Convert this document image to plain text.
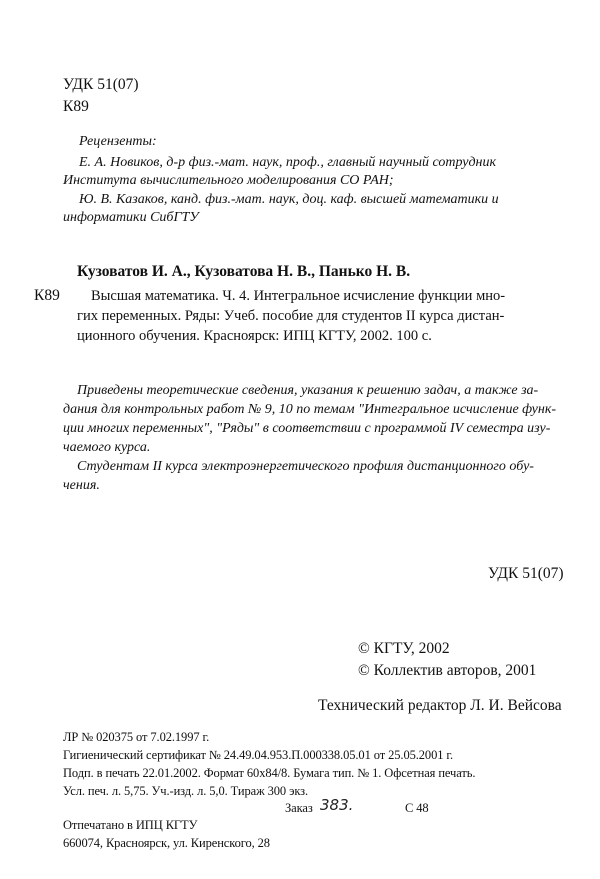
УДК 51(07)
К89
Рецензенты:
Е. А. Новиков, д-р физ.-мат. наук, проф., главный научный сотрудник
Института вычислительного моделирования СО РАН;
Ю. В. Казаков, канд. физ.-мат. наук, доц. каф. высшей математики и
информатики СибГТУ
Кузоватов И. А., Кузоватова Н. В., Панько Н. В.
К89 Высшая математика. Ч. 4. Интегральное исчисление функции мно-
гих переменных. Ряды: Учеб. пособие для студентов II курса дистан-
ционного обучения. Красноярск: ИПЦ КГТУ, 2002. 100 с.
Приведены теоретические сведения, указания к решению задач, а также за-
дания для контрольных работ № 9, 10 по темам "Интегральное исчисление функ-
ции многих переменных", "Ряды" в соответствии с программой IV семестра изу-
чаемого курса.
Студентам II курса электроэнергетического профиля дистанционного обу-
чения.
УДК 51(07)
© КГТУ, 2002
© Коллектив авторов, 2001
Технический редактор Л. И. Вейсова
ЛР № 020375 от 7.02.1997 г.
Гигиенический сертификат № 24.49.04.953.П.000338.05.01 от 25.05.2001 г.
Подп. в печать 22.01.2002. Формат 60x84/8. Бумага тип. № 1. Офсетная печать.
Усл. печ. л. 5,75. Уч.-изд. л. 5,0. Тираж 300 экз.
Заказ 383.	С 48
Отпечатано в ИПЦ КГТУ
660074, Красноярск, ул. Киренского, 28
